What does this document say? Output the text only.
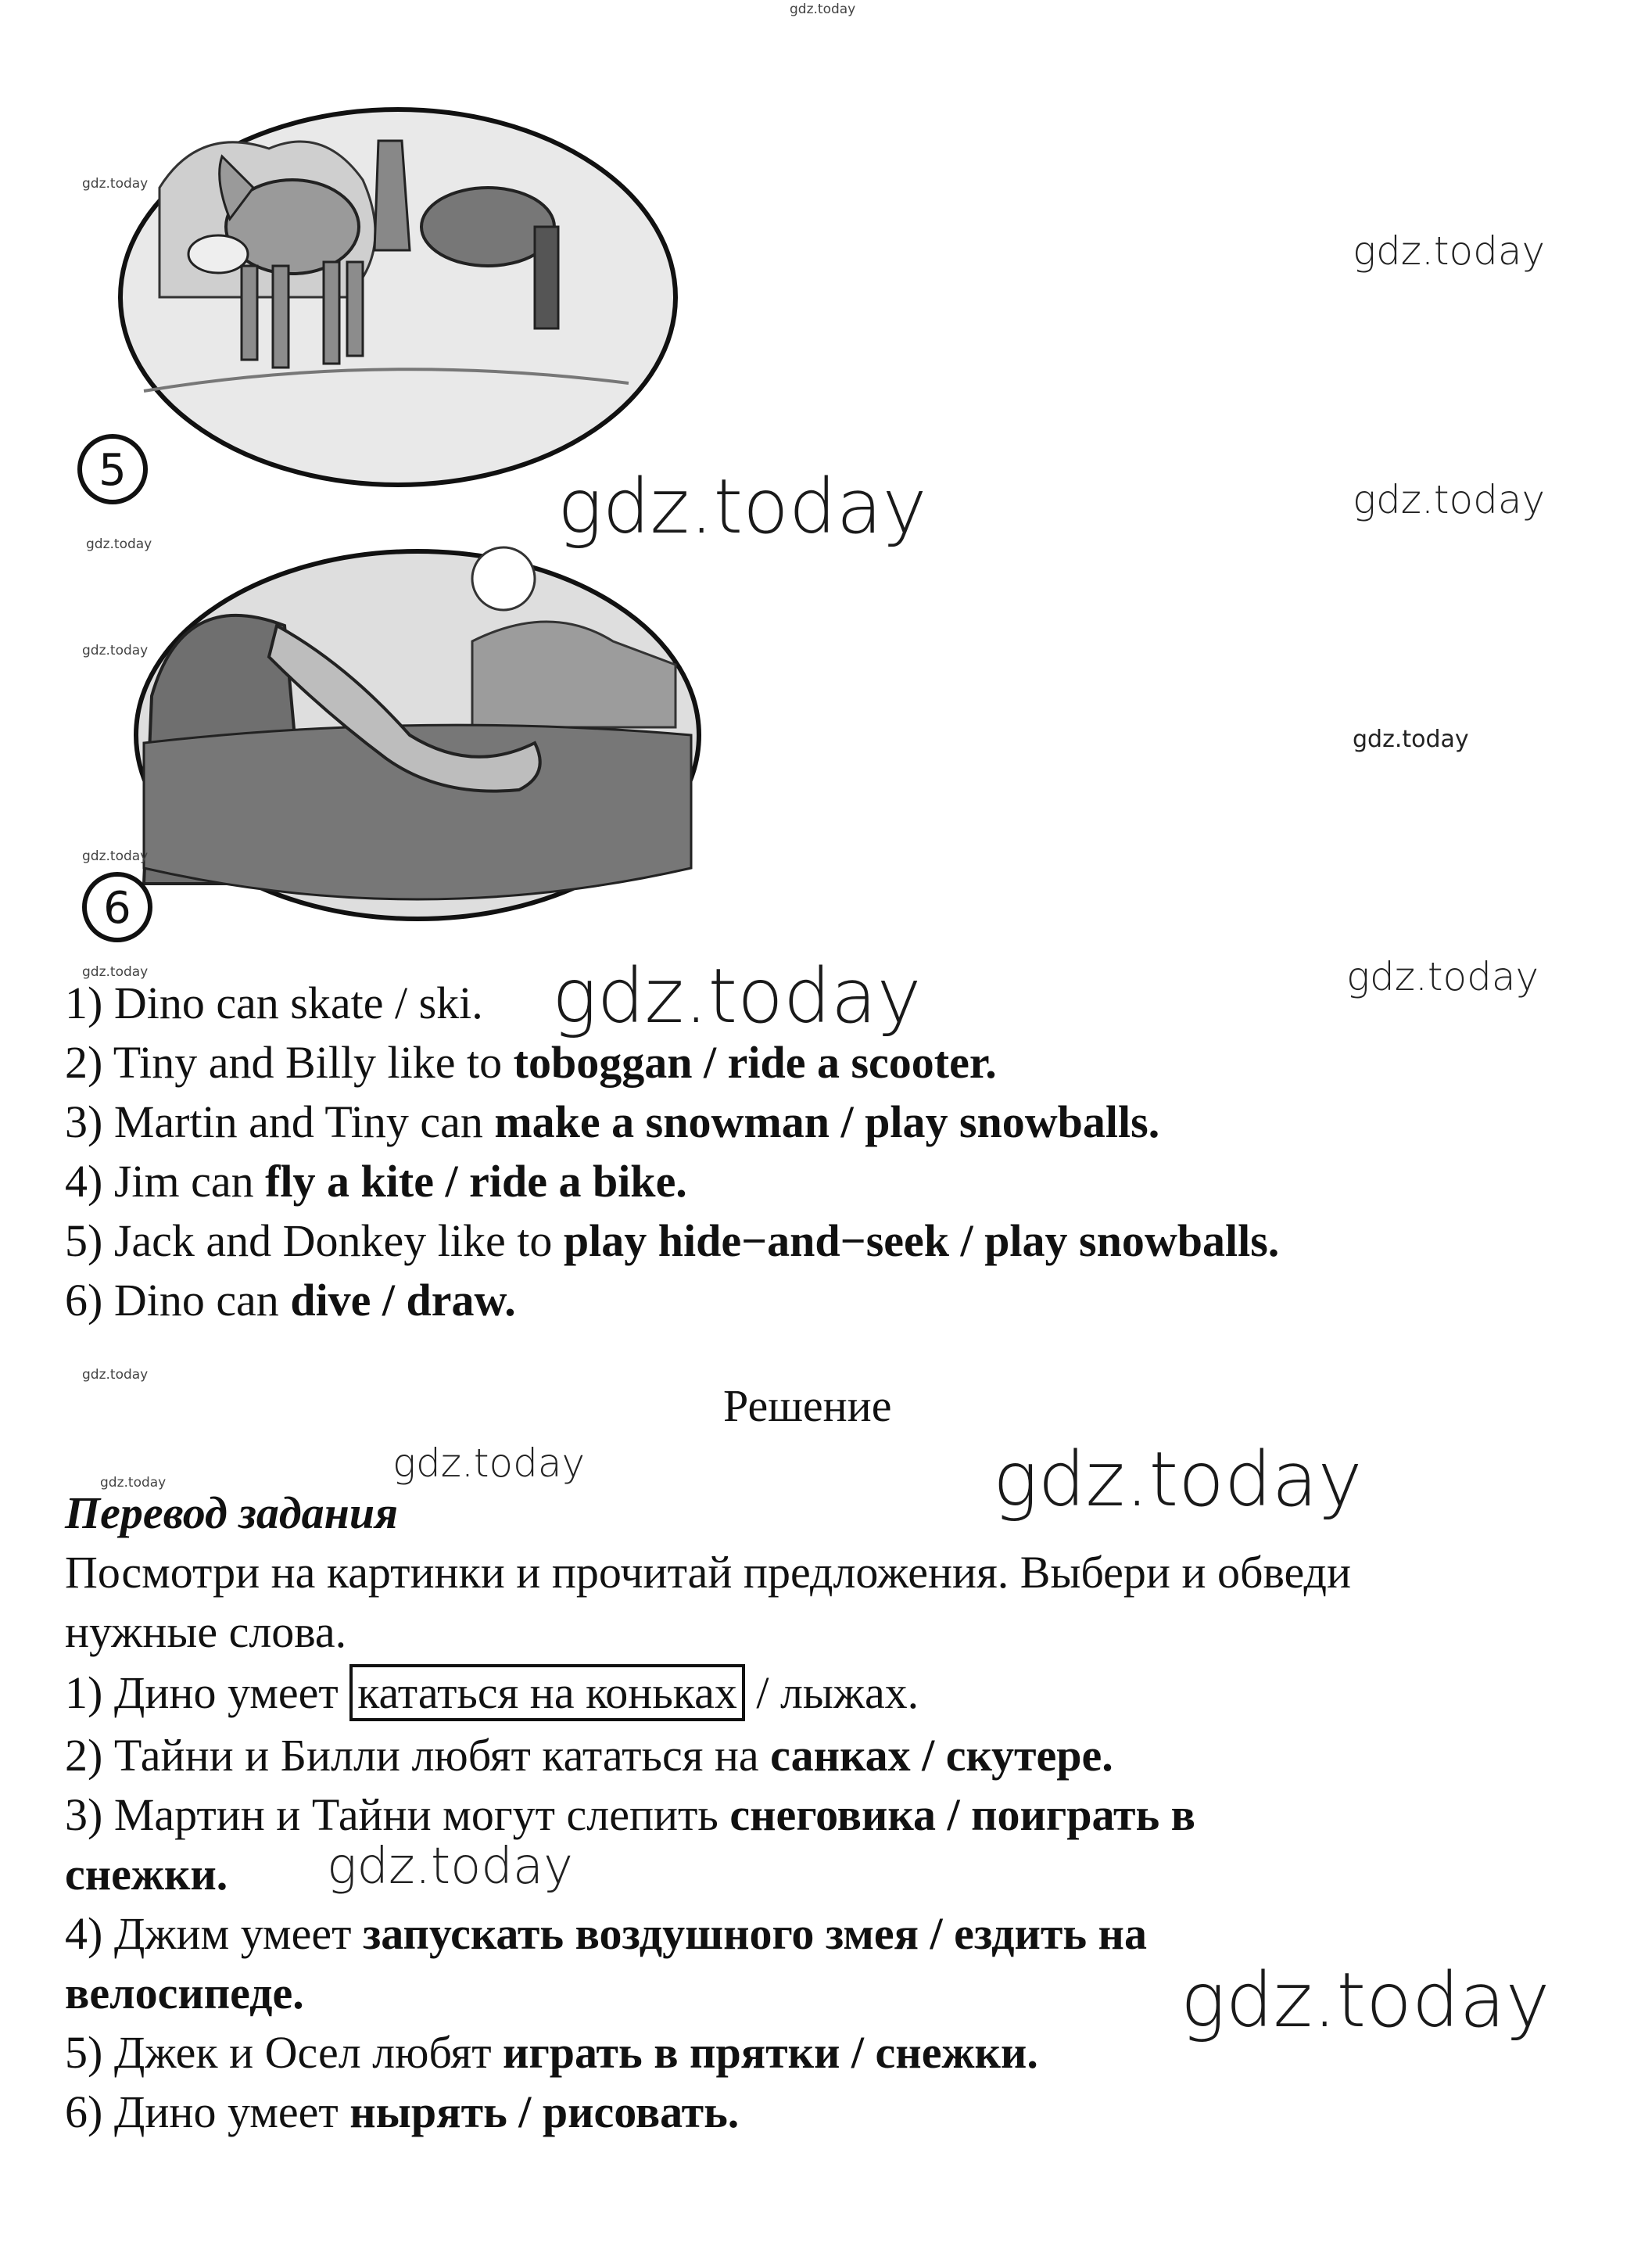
gdz.today
5
6
gdz.today
gdz.today
gdz.today
gdz.today
gdz.today
gdz.today
gdz.today
gdz.today
gdz.today
gdz.today
gdz.today
gdz.today
gdz.today
gdz.today
gdz.today
gdz.today
gdz.today
1) Dino can skate / ski.
2) Tiny and Billy like to toboggan / ride a scooter.
3) Martin and Tiny can make a snowman / play snowballs.
4) Jim can fly a kite / ride a bike.
5) Jack and Donkey like to play hide−and−seek / play snowballs.
6) Dino can dive / draw.
Решение
Перевод задания
Посмотри на картинки и прочитай предложения. Выбери и обведи
нужные слова.
1) Дино умеет кататься на коньках / лыжах.
2) Тайни и Билли любят кататься на санках / скутере.
3) Мартин и Тайни могут слепить снеговика / поиграть в
снежки.
4) Джим умеет запускать воздушного змея / ездить на
велосипеде.
5) Джек и Осел любят играть в прятки / снежки.
6) Дино умеет нырять / рисовать.
